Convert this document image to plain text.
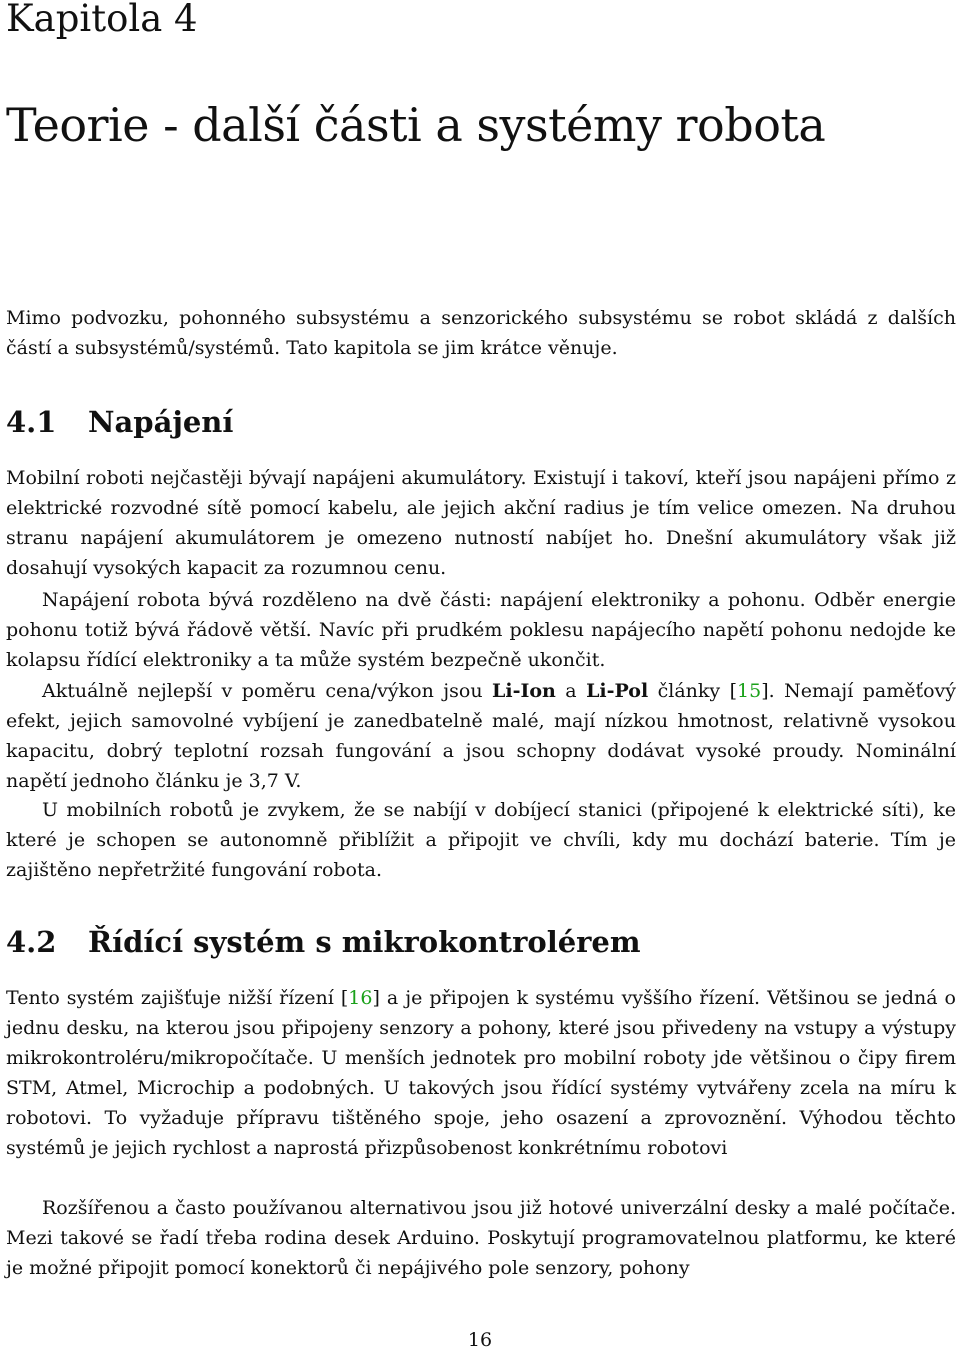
Kapitola 4
Teorie - další části a systémy robota

Mimo podvozku, pohonného subsystému a senzorického subsystému se robot skládá z dalších částí a subsystémů/systémů. Tato kapitola se jim krátce věnuje.

4.1 Napájení

Mobilní roboti nejčastěji bývají napájeni akumulátory. Existují i takoví, kteří jsou napájeni přímo z elektrické rozvodné sítě pomocí kabelu, ale jejich akční radius je tím velice omezen. Na druhou stranu napájení akumulátorem je omezeno nutností nabíjet ho. Dnešní akumulátory však již dosahují vysokých kapacit za rozumnou cenu.

Napájení robota bývá rozděleno na dvě části: napájení elektroniky a pohonu. Odběr energie pohonu totiž bývá řádově větší. Navíc při prudkém poklesu napájecího napětí pohonu nedojde ke kolapsu řídící elektroniky a ta může systém bezpečně ukončit.

Aktuálně nejlepší v poměru cena/výkon jsou Li-Ion a Li-Pol články [15]. Nemají paměťový efekt, jejich samovolné vybíjení je zanedbatelně malé, mají nízkou hmotnost, relativně vysokou kapacitu, dobrý teplotní rozsah fungování a jsou schopny dodávat vysoké proudy. Nominální napětí jednoho článku je 3,7 V.

U mobilních robotů je zvykem, že se nabíjí v dobíjecí stanici (připojené k elektrické síti), ke které je schopen se autonomně přiblížit a připojit ve chvíli, kdy mu dochází baterie. Tím je zajištěno nepřetržité fungování robota.

4.2 Řídící systém s mikrokontrolérem

Tento systém zajišťuje nižší řízení [16] a je připojen k systému vyššího řízení. Většinou se jedná o jednu desku, na kterou jsou připojeny senzory a pohony, které jsou přivedeny na vstupy a výstupy mikrokontroléru/mikropočítače. U menších jednotek pro mobilní roboty jde většinou o čipy firem STM, Atmel, Microchip a podobných. U takových jsou řídící systémy vytvářeny zcela na míru k robotovi. To vyžaduje přípravu tištěného spoje, jeho osazení a zprovoznění. Výhodou těchto systémů je jejich rychlost a naprostá přizpůsobenost konkrétnímu robotovi

Rozšířenou a často používanou alternativou jsou již hotové univerzální desky a malé počítače. Mezi takové se řadí třeba rodina desek Arduino. Poskytují programovatelnou platformu, ke které je možné připojit pomocí konektorů či nepájivého pole senzory, pohony

16
